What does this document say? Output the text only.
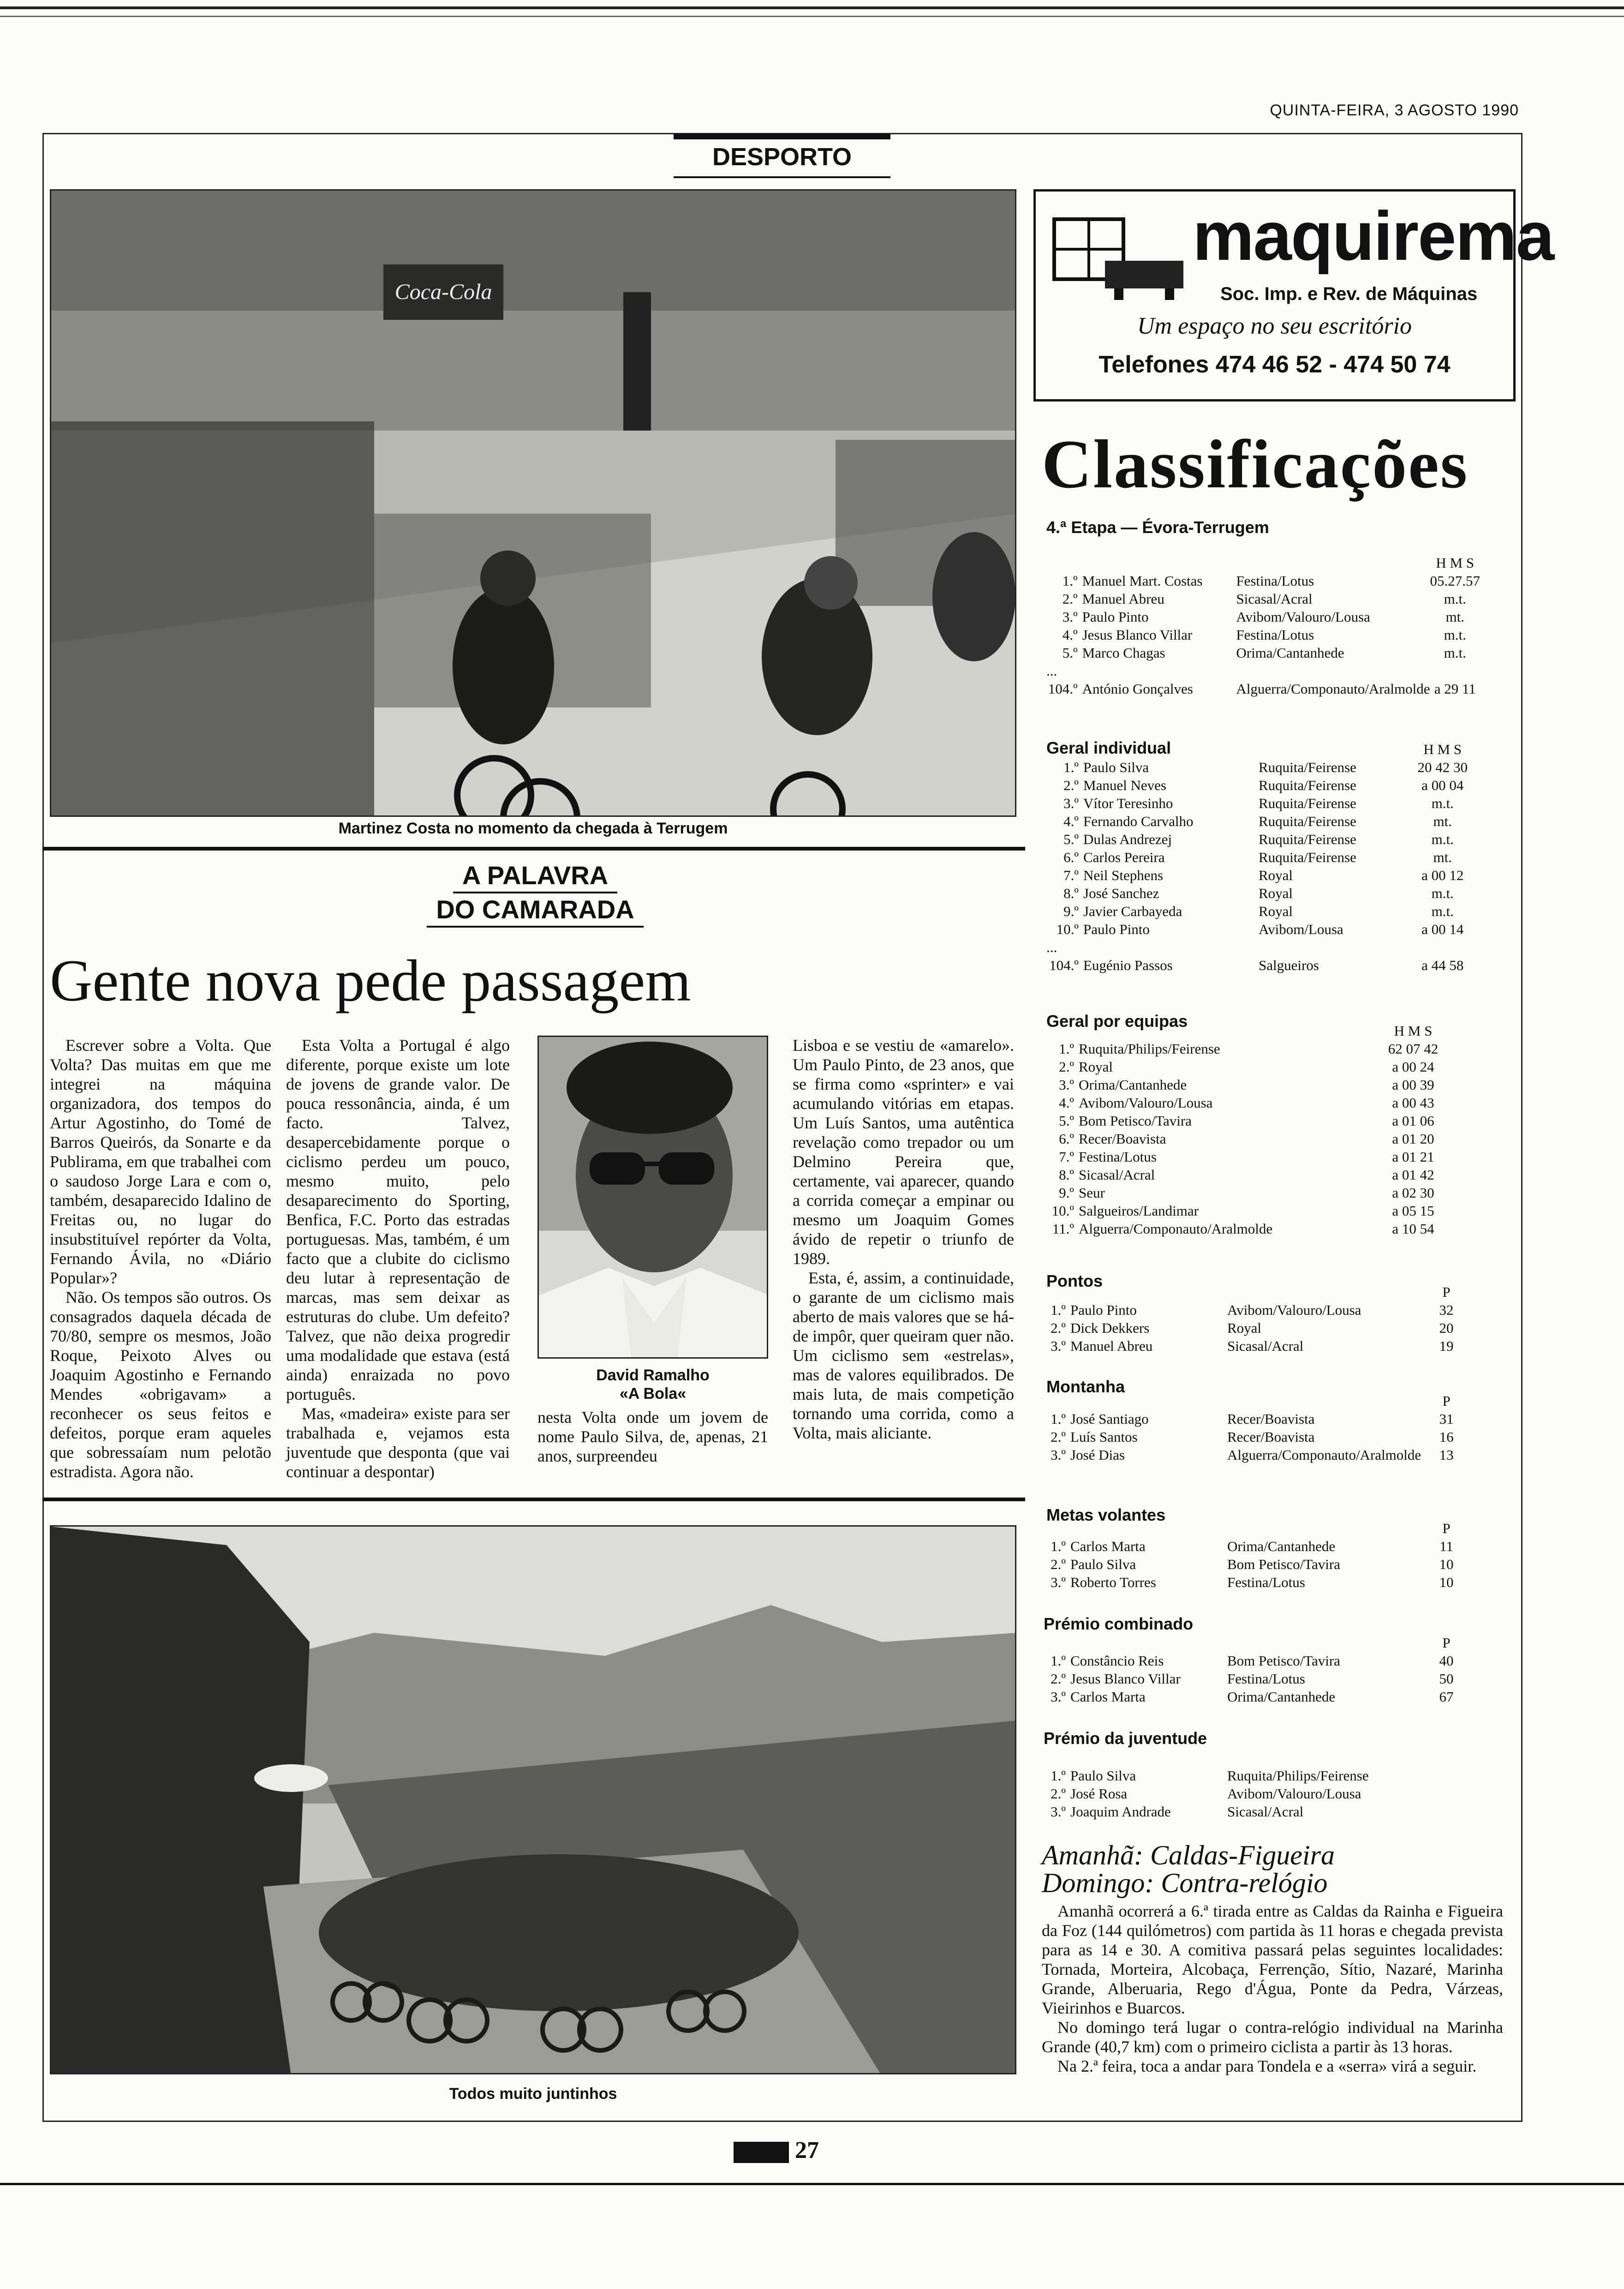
QUINTA-FEIRA, 3 AGOSTO 1990
DESPORTO
Coca-Cola
Martinez Costa no momento da chegada à Terrugem
A PALAVRA
DO CAMARADA
Gente nova pede passagem

Escrever sobre a Volta. Que Volta? Das muitas em que me integrei na máquina organizadora, dos tempos do Artur Agostinho, do Tomé de Barros Queirós, da Sonarte e da Publirama, em que trabalhei com o saudoso Jorge Lara e com o, também, desaparecido Idalino de Freitas ou, no lugar do insubstituível repórter da Volta, Fernando Ávila, no «Diário Popular»?

Não. Os tempos são outros. Os consagrados daquela década de 70/80, sempre os mesmos, João Roque, Peixoto Alves ou Joaquim Agostinho e Fernando Mendes «obrigavam» a reconhecer os seus feitos e defeitos, porque eram aqueles que sobressaíam num pelotão estradista. Agora não.

Esta Volta a Portugal é algo diferente, porque existe um lote de jovens de grande valor. De pouca ressonância, ainda, é um facto. Talvez, desapercebidamente porque o ciclismo perdeu um pouco, mesmo muito, pelo desaparecimento do Sporting, Benfica, F.C. Porto das estradas portuguesas. Mas, também, é um facto que a clubite do ciclismo deu lutar à representação de marcas, mas sem deixar as estruturas do clube. Um defeito? Talvez, que não deixa progredir uma modalidade que estava (está ainda) enraizada no povo português.

Mas, «madeira» existe para ser trabalhada e, vejamos esta juventude que desponta (que vai continuar a despontar)

David Ramalho
«A Bola«

nesta Volta onde um jovem de nome Paulo Silva, de, apenas, 21 anos, surpreendeu

Lisboa e se vestiu de «amarelo». Um Paulo Pinto, de 23 anos, que se firma como «sprinter» e vai acumulando vitórias em etapas. Um Luís Santos, uma autêntica revelação como trepador ou um Delmino Pereira que, certamente, vai aparecer, quando a corrida começar a empinar ou mesmo um Joaquim Gomes ávido de repetir o triunfo de 1989.

Esta, é, assim, a continuidade, o garante de um ciclismo mais aberto de mais valores que se há-de impôr, quer queiram quer não. Um ciclismo sem «estrelas», mas de valores equilibrados. De mais luta, de mais competição tornando uma corrida, como a Volta, mais aliciante.

Todos muito juntinhos
maquirema
Soc. Imp. e Rev. de Máquinas
Um espaço no seu escritório
Telefones 474 46 52 - 474 50 74
Classificações
4.ª Etapa — Évora-Terrugem
			H M S
1.º	Manuel Mart. Costas	Festina/Lotus	05.27.57
2.º	Manuel Abreu	Sicasal/Acral	m.t.
3.º	Paulo Pinto	Avibom/Valouro/Lousa	mt.
4.º	Jesus Blanco Villar	Festina/Lotus	m.t.
5.º	Marco Chagas	Orima/Cantanhede	m.t.
...			
104.º	António Gonçalves	Alguerra/Componauto/Aralmolde	a 29 11
Geral individual
				H M S
1.º	Paulo Silva	Ruquita/Feirense	20 42 30
2.º	Manuel Neves	Ruquita/Feirense	a 00 04
3.º	Vítor Teresinho	Ruquita/Feirense	m.t.
4.º	Fernando Carvalho	Ruquita/Feirense	mt.
5.º	Dulas Andrezej	Ruquita/Feirense	m.t.
6.º	Carlos Pereira	Ruquita/Feirense	mt.
7.º	Neil Stephens	Royal	a 00 12
8.º	José Sanchez	Royal	m.t.
9.º	Javier Carbayeda	Royal	m.t.
10.º	Paulo Pinto	Avibom/Lousa	a 00 14
...			
104.º	Eugénio Passos	Salgueiros	a 44 58
Geral por equipas
		H M S
1.º	Ruquita/Philips/Feirense	62 07 42
2.º	Royal	a 00 24
3.º	Orima/Cantanhede	a 00 39
4.º	Avibom/Valouro/Lousa	a 00 43
5.º	Bom Petisco/Tavira	a 01 06
6.º	Recer/Boavista	a 01 20
7.º	Festina/Lotus	a 01 21
8.º	Sicasal/Acral	a 01 42
9.º	Seur	a 02 30
10.º	Salgueiros/Landimar	a 05 15
11.º	Alguerra/Componauto/Aralmolde	a 10 54
Pontos
			P
1.º	Paulo Pinto	Avibom/Valouro/Lousa	32
2.º	Dick Dekkers	Royal	20
3.º	Manuel Abreu	Sicasal/Acral	19
Montanha
			P
1.º	José Santiago	Recer/Boavista	31
2.º	Luís Santos	Recer/Boavista	16
3.º	José Dias	Alguerra/Componauto/Aralmolde	13
Metas volantes
			P
1.º	Carlos Marta	Orima/Cantanhede	11
2.º	Paulo Silva	Bom Petisco/Tavira	10
3.º	Roberto Torres	Festina/Lotus	10
Prémio combinado
			P
1.º	Constâncio Reis	Bom Petisco/Tavira	40
2.º	Jesus Blanco Villar	Festina/Lotus	50
3.º	Carlos Marta	Orima/Cantanhede	67
Prémio da juventude
1.º	Paulo Silva	Ruquita/Philips/Feirense
2.º	José Rosa	Avibom/Valouro/Lousa
3.º	Joaquim Andrade	Sicasal/Acral
Amanhã: Caldas-Figueira
Domingo: Contra-relógio

Amanhã ocorrerá a 6.ª tirada entre as Caldas da Rainha e Figueira da Foz (144 quilómetros) com partida às 11 horas e chegada prevista para as 14 e 30. A comitiva passará pelas seguintes localidades: Tornada, Morteira, Alcobaça, Ferrenção, Sítio, Nazaré, Marinha Grande, Alberuaria, Rego d'Água, Ponte da Pedra, Várzeas, Vieirinhos e Buarcos.

No domingo terá lugar o contra-relógio individual na Marinha Grande (40,7 km) com o primeiro ciclista a partir às 13 horas.

Na 2.ª feira, toca a andar para Tondela e a «serra» virá a seguir.

27
